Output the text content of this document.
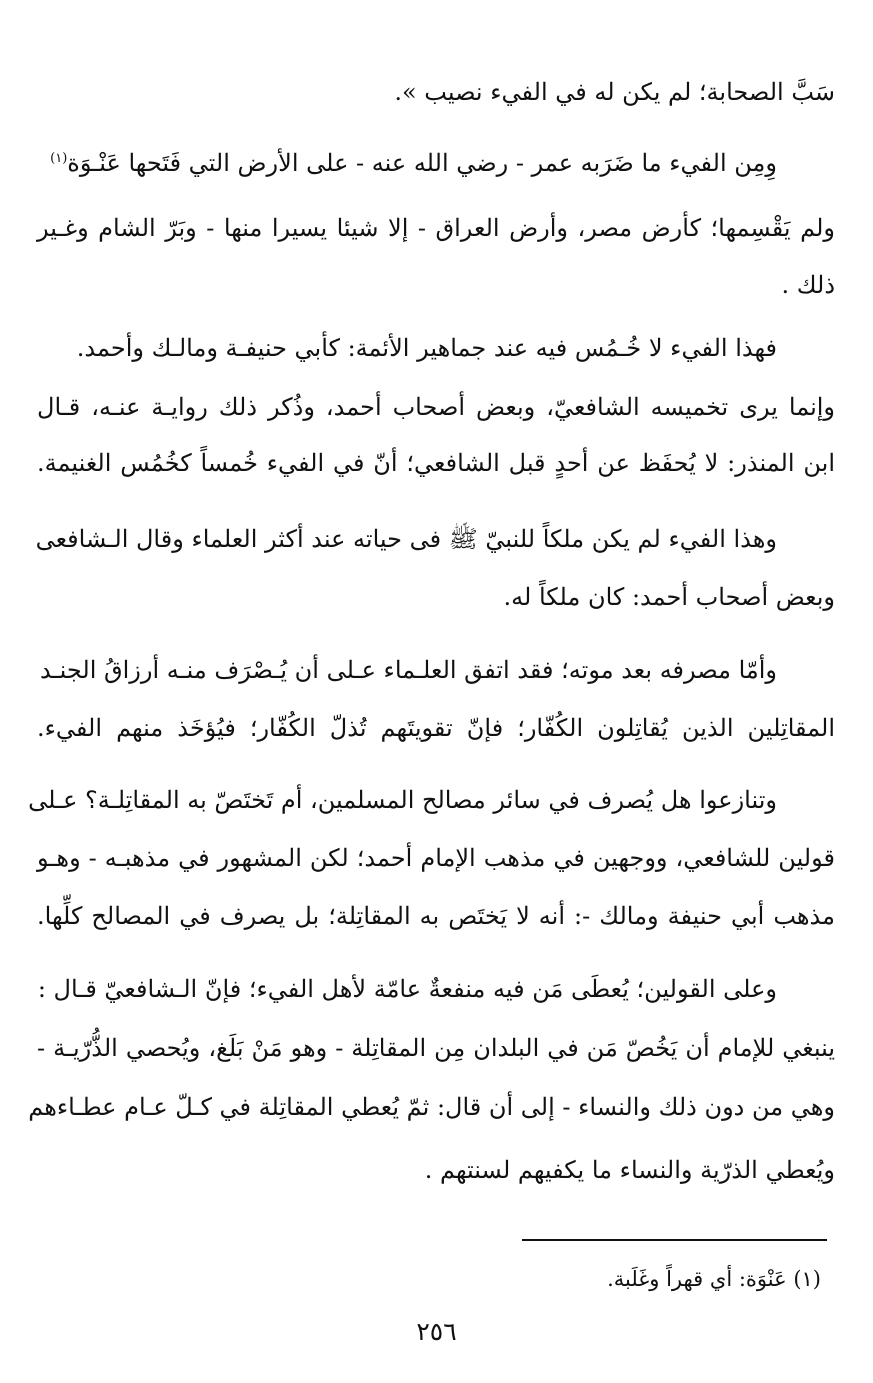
سَبَّ الصحابة؛ لم يكن له في الفيء نصيب ».
وِمِن الفيء ما ضَرَبه عمر - رضي الله عنه - على الأرض التي فَتَحها عَنْـوَة$^{(١)}$
ولم يَقْسِمها؛ كأرض مصر، وأرض العراق - إلا شيئا يسيرا منها - وبَرّ الشام وغـير
ذلك .
فهذا الفيء لا خُـمُس فيه عند جماهير الأئمة: كأبي حنيفـة ومالـك وأحمد.
وإنما يرى تخميسه الشافعيّ، وبعض أصحاب أحمد، وذُكر ذلك روايـة عنـه، قـال
ابن المنذر: لا يُحفَظ عن أحدٍ قبل الشافعي؛ أنّ في الفيء خُمساً كخُمُس الغنيمة.
وهذا الفيء لم يكن ملكاً للنبيّ ﷺ فى حياته عند أكثر العلماء وقال الـشافعى
وبعض أصحاب أحمد: كان ملكاً له.
وأمّا مصرفه بعد موته؛ فقد اتفق العلـماء عـلى أن يُـصْرَف منـه أرزاقُ الجنـد
المقاتِلين الذين يُقاتِلون الكُفّار؛ فإنّ تقويتَهم تُذلّ الكُفّار؛ فيُؤخَذ منهم الفيء.
وتنازعوا هل يُصرف في سائر مصالح المسلمين، أم تَختَصّ به المقاتِلـة؟ عـلى
قولين للشافعي، ووجهين في مذهب الإمام أحمد؛ لكن المشهور في مذهبـه - وهـو
مذهب أبي حنيفة ومالك -: أنه لا يَختَص به المقاتِلة؛ بل يصرف في المصالح كلِّها.
وعلى القولين؛ يُعطَى مَن فيه منفعةٌ عامّة لأهل الفيء؛ فإنّ الـشافعيّ قـال :
ينبغي للإمام أن يَخُصّ مَن في البلدان مِن المقاتِلة - وهو مَنْ بَلَغ، ويُحصي الذُّرّيـة -
وهي من دون ذلك والنساء - إلى أن قال: ثمّ يُعطي المقاتِلة في كـلّ عـام عطـاءهم
ويُعطي الذرّية والنساء ما يكفيهم لسنتهم .
(١) عَنْوَة: أي قهراً وغَلَبة.
٢٥٦
